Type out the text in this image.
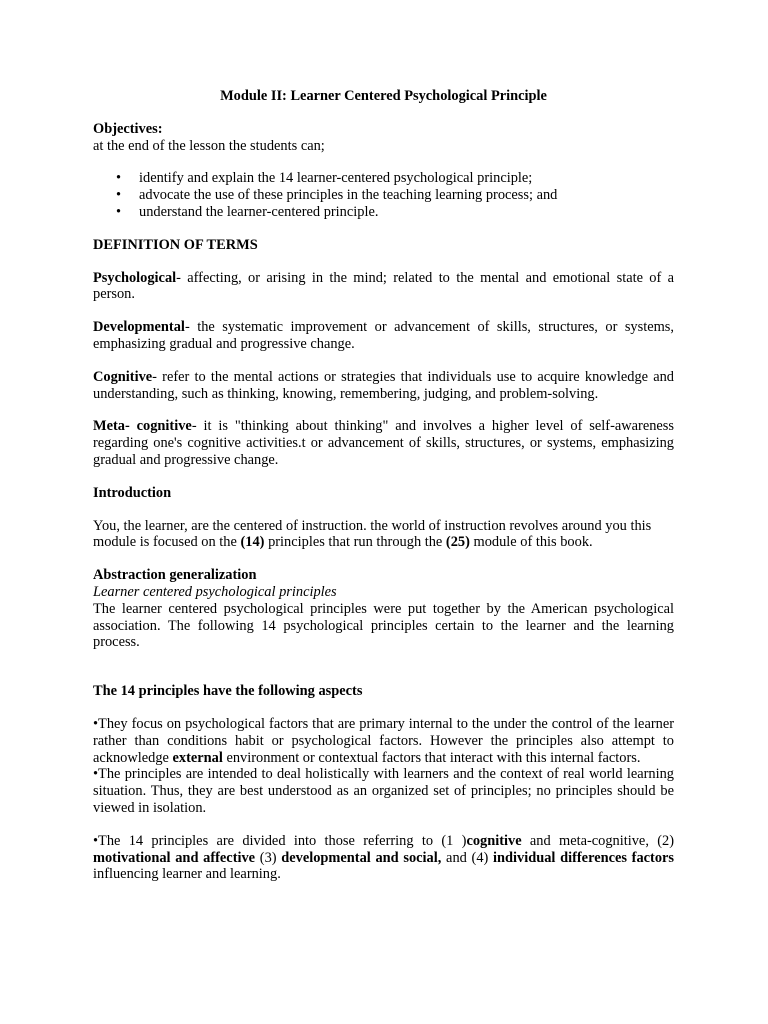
Module II: Learner Centered Psychological Principle

Objectives:

at the end of the lesson the students can;

• identify and explain the 14 learner-centered psychological principle;
• advocate the use of these principles in the teaching learning process; and
• understand the learner-centered principle.

DEFINITION OF TERMS

Psychological- affecting, or arising in the mind; related to the mental and emotional state of a person.

Developmental- the systematic improvement or advancement of skills, structures, or systems, emphasizing gradual and progressive change.

Cognitive- refer to the mental actions or strategies that individuals use to acquire knowledge and understanding, such as thinking, knowing, remembering, judging, and problem-solving.

Meta- cognitive- it is "thinking about thinking" and involves a higher level of self-awareness regarding one's cognitive activities.t or advancement of skills, structures, or systems, emphasizing gradual and progressive change.

Introduction

You, the learner, are the centered of instruction. the world of instruction revolves around you this module is focused on the (14) principles that run through the (25) module of this book.

Abstraction generalization

Learner centered psychological principles

The learner centered psychological principles were put together by the American psychological association. The following 14 psychological principles certain to the learner and the learning process.

The 14 principles have the following aspects

•They focus on psychological factors that are primary internal to the under the control of the learner rather than conditions habit or psychological factors. However the principles also attempt to acknowledge external environment or contextual factors that interact with this internal factors.

•The principles are intended to deal holistically with learners and the context of real world learning situation. Thus, they are best understood as an organized set of principles; no principles should be viewed in isolation.

•The 14 principles are divided into those referring to (1 )cognitive and meta-cognitive, (2) motivational and affective (3) developmental and social, and (4) individual differences factors influencing learner and learning.
